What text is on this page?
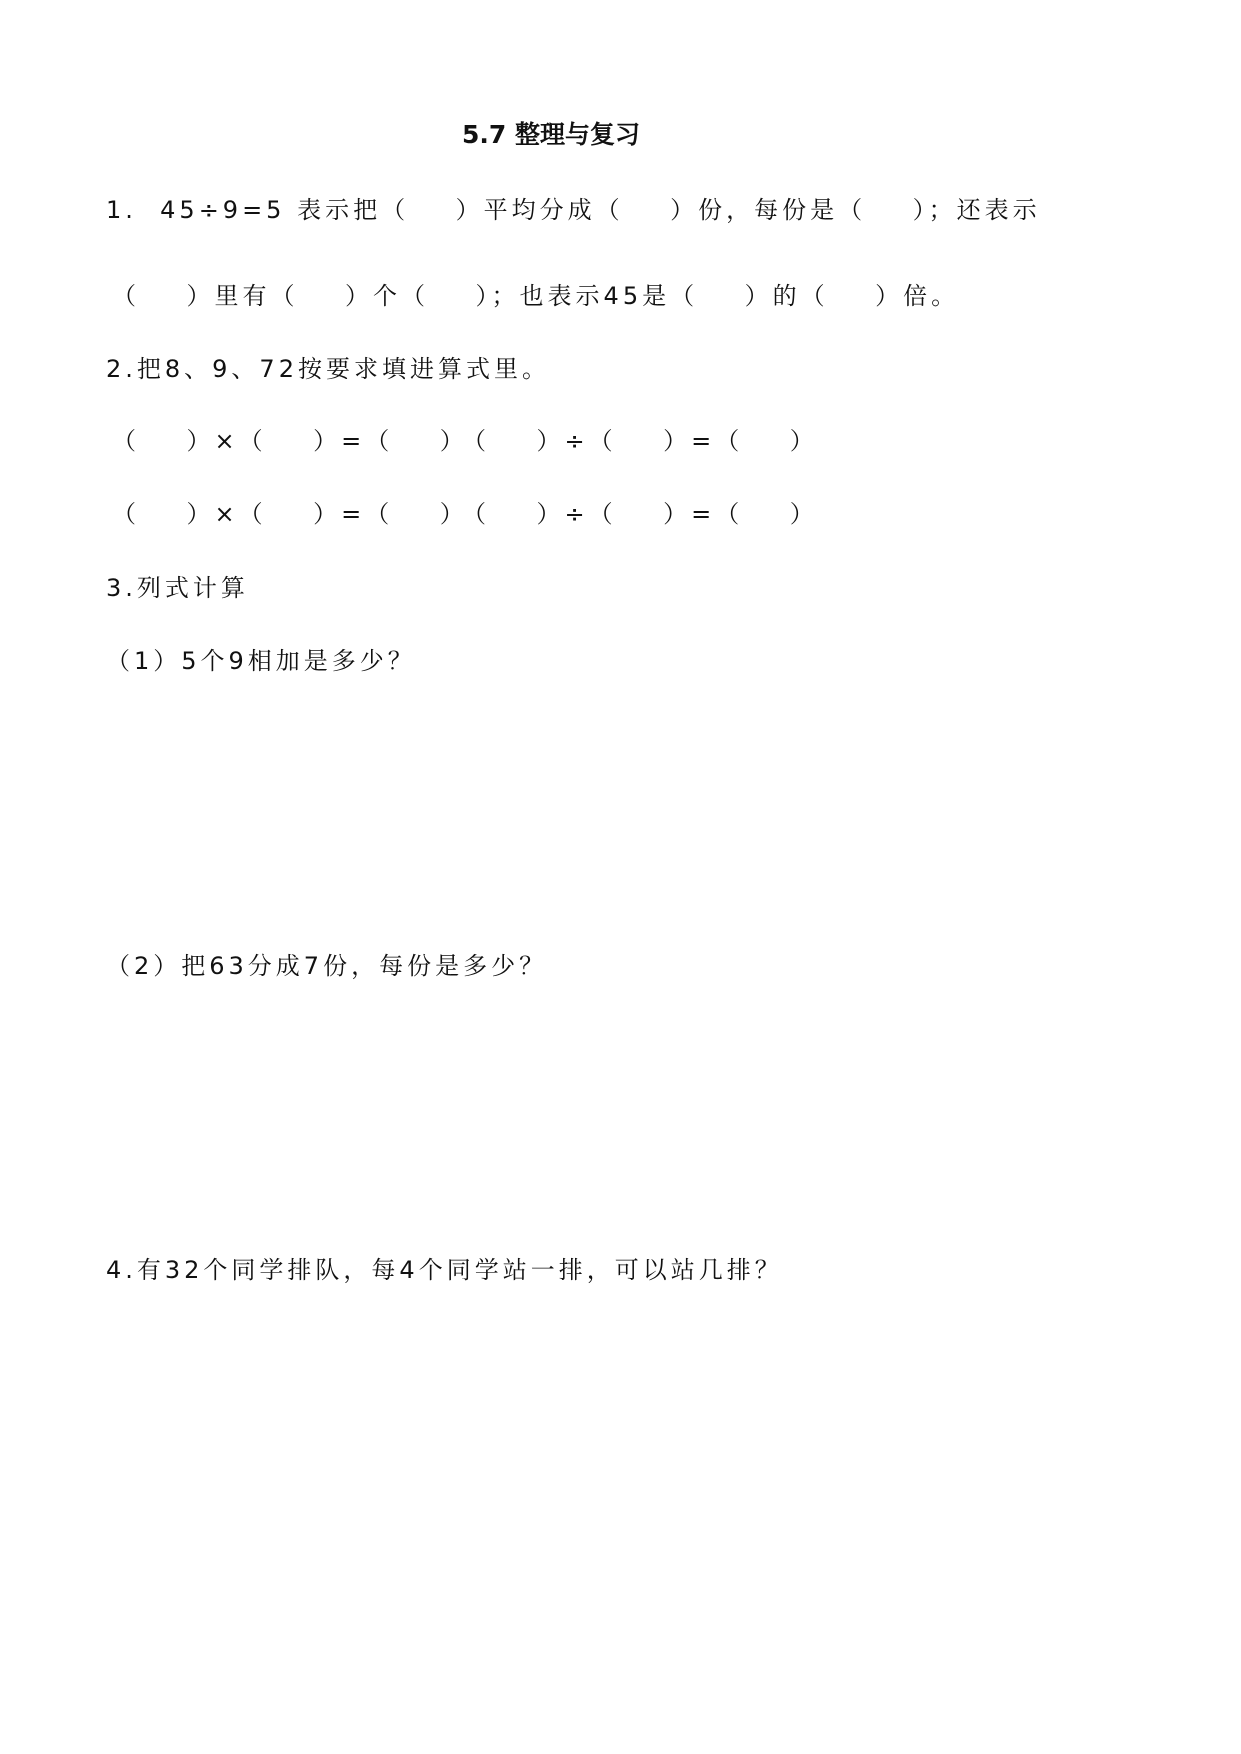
5.7 整理与复习
1.  45÷9=5 表示把（    ）平均分成（    ）份，每份是（    ）；还表示
（    ）里有（    ）个（    ）；也表示45是（    ）的（    ）倍。
2.把8、9、72按要求填进算式里。
（    ）×（    ）=（    ）
（    ）÷（    ）=（    ）
（    ）×（    ）=（    ）
（    ）÷（    ）=（    ）
3.列式计算
（1）5个9相加是多少？
（2）把63分成7份，每份是多少？
4.有32个同学排队，每4个同学站一排，可以站几排？
